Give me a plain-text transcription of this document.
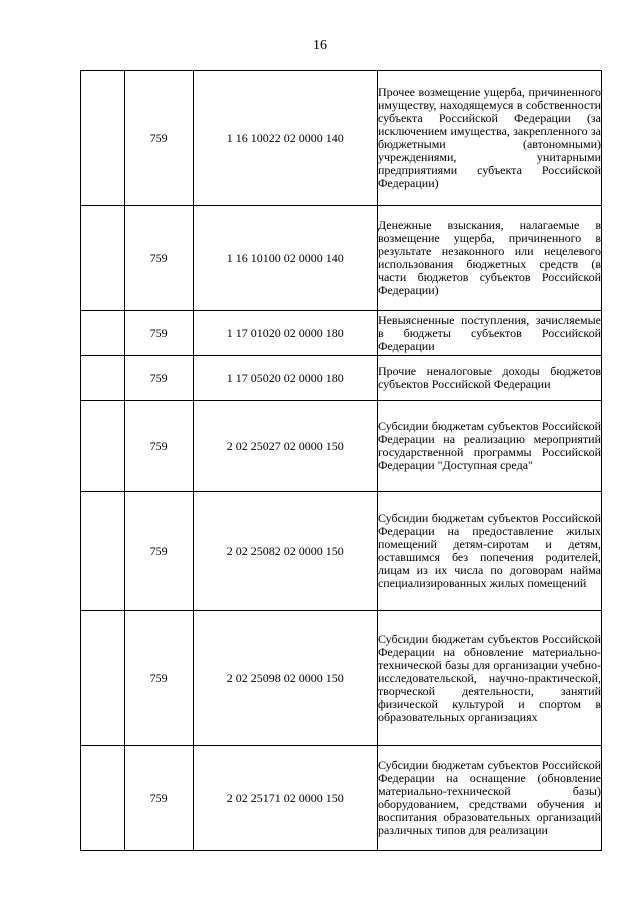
16
	759	1 16 10022 02 0000 140	Прочее возмещение ущерба, причиненного имуществу, находящемуся в собственности субъекта Российской Федерации (за исключением имущества, закрепленного за бюджетными (автономными) учреждениями, унитарными предприятиями субъекта Российской Федерации)
	759	1 16 10100 02 0000 140	Денежные взыскания, налагаемые в возмещение ущерба, причиненного в результате незаконного или нецелевого использования бюджетных средств (в части бюджетов субъектов Российской Федерации)
	759	1 17 01020 02 0000 180	Невыясненные поступления, зачисляемые в бюджеты субъектов Российской Федерации
	759	1 17 05020 02 0000 180	Прочие неналоговые доходы бюджетов субъектов Российской Федерации
	759	2 02 25027 02 0000 150	Субсидии бюджетам субъектов Российской Федерации на реализацию мероприятий государственной программы Российской Федерации "Доступная среда"
	759	2 02 25082 02 0000 150	Субсидии бюджетам субъектов Российской Федерации на предоставление жилых помещений детям-сиротам и детям, оставшимся без попечения родителей, лицам из их числа по договорам найма специализированных жилых помещений
	759	2 02 25098 02 0000 150	Субсидии бюджетам субъектов Российской Федерации на обновление материально-технической базы для организации учебно-исследовательской, научно-практической, творческой деятельности, занятий физической культурой и спортом в образовательных организациях
	759	2 02 25171 02 0000 150	Субсидии бюджетам субъектов Российской Федерации на оснащение (обновление материально-технической базы) оборудованием, средствами обучения и воспитания образовательных организаций различных типов для реализации
